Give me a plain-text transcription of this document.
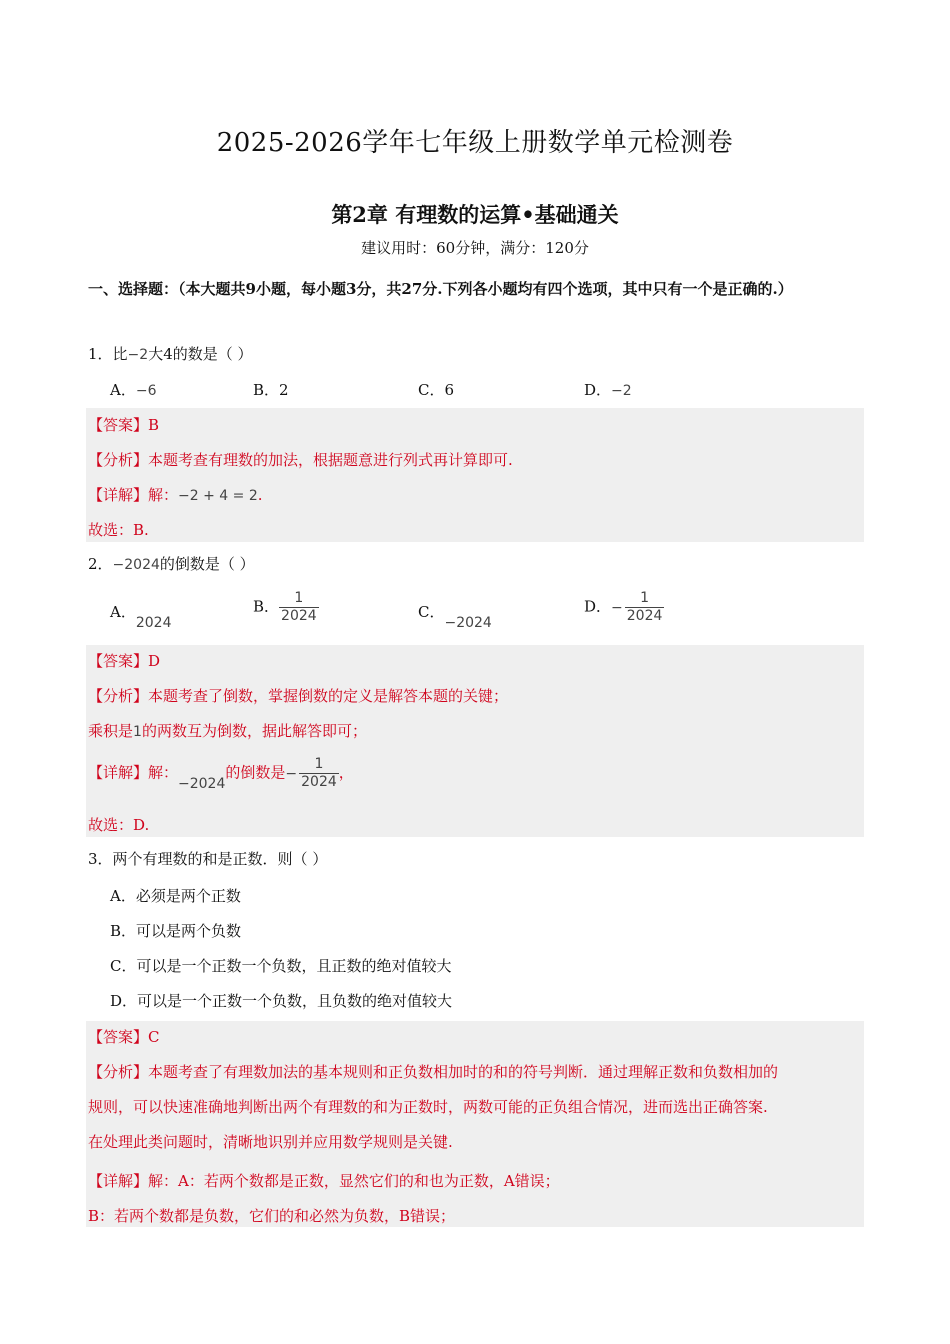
2025-2026学年七年级上册数学单元检测卷
第2章 有理数的运算•基础通关
建议用时：60分钟，满分：120分
一、选择题：（本大题共9小题，每小题3分，共27分.下列各小题均有四个选项，其中只有一个是正确的.）
1．比−2大4的数是（ ）
A．−6	B．2	C．6	D．−2
【答案】B
【分析】本题考查有理数的加法，根据题意进行列式再计算即可.
【详解】解：−2 + 4 = 2.
故选：B.
2．−2024的倒数是（ ）
A．2024
B． $\frac{1}{2024}$	C．−2024
D．− $\frac{1}{2024}$
【答案】D
【分析】本题考查了倒数，掌握倒数的定义是解答本题的关键；
乘积是1的两数互为倒数，据此解答即可；
【详解】解：−2024的倒数是− $\frac{1}{2024}$ ，
故选：D.
3．两个有理数的和是正数．则（ ）
A．必须是两个正数
B．可以是两个负数
C．可以是一个正数一个负数，且正数的绝对值较大
D．可以是一个正数一个负数，且负数的绝对值较大
【答案】C
【分析】本题考查了有理数加法的基本规则和正负数相加时的和的符号判断．通过理解正数和负数相加的
规则，可以快速准确地判断出两个有理数的和为正数时，两数可能的正负组合情况，进而选出正确答案.
在处理此类问题时，清晰地识别并应用数学规则是关键.
【详解】解：A：若两个数都是正数，显然它们的和也为正数，A错误；
B：若两个数都是负数，它们的和必然为负数，B错误；
